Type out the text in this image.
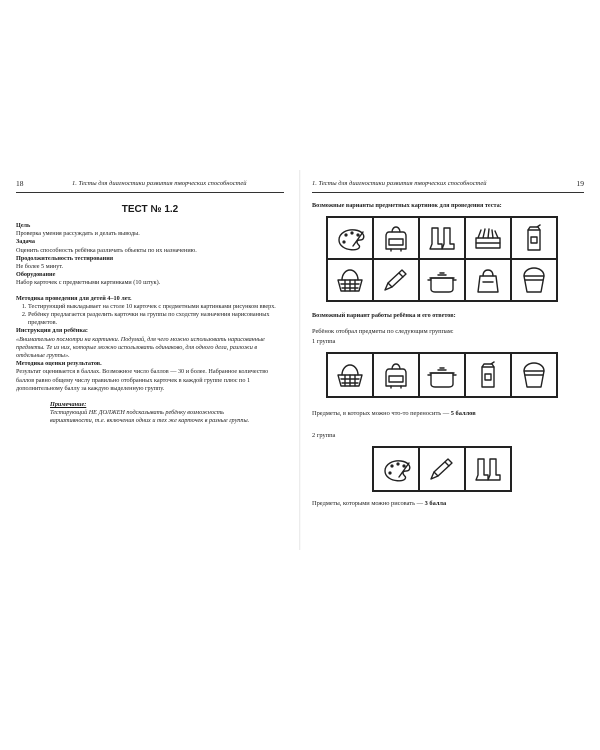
18	1. Тесты для диагностики развития творческих способностей
ТЕСТ № 1.2

Цель

Проверка умения рассуждать и делать выводы.

Задача

Оценить способность ребёнка различать объекты по их назначению.

Продолжительность тестирования

Не более 5 минут.

Оборудование

Набор карточек с предметными картинками (10 штук).

Методика проведения для детей 4–10 лет.

1. Тестирующий выкладывает на столе 10 карточек с предметными картинками рисунком вверх.
2. Ребёнку предлагается разделить карточки на группы по сходству назначения нарисованных предметов.

Инструкция для ребёнка:

«Внимательно посмотри на картинки. Подумай, для чего можно использовать нарисованные предметы. Те из них, которые можно использовать одинаково, для одного дела, разложи в отдельные группы».

Методика оценки результатов.

Результат оценивается в баллах. Возможное число баллов — 30 и более. Набранное количество баллов равно общему числу правильно отобранных карточек в каждой группе плюс по 1 дополнительному баллу за каждую выделенную группу.

Примечание:

Тестирующий НЕ ДОЛЖЕН подсказывать ребёнку возможность вариативности, т.е. включения одних и тех же карточек в разные группы.

1. Тесты для диагностики развития творческих способностей	19
Возможные варианты предметных картинок для проведения теста:
Возможный вариант работы ребёнка и его ответов:
Ребёнок отобрал предметы по следующим группам:
1 группа
Предметы, в которых можно что-то переносить — 5 баллов
2 группа
Предметы, которыми можно рисовать — 3 балла
